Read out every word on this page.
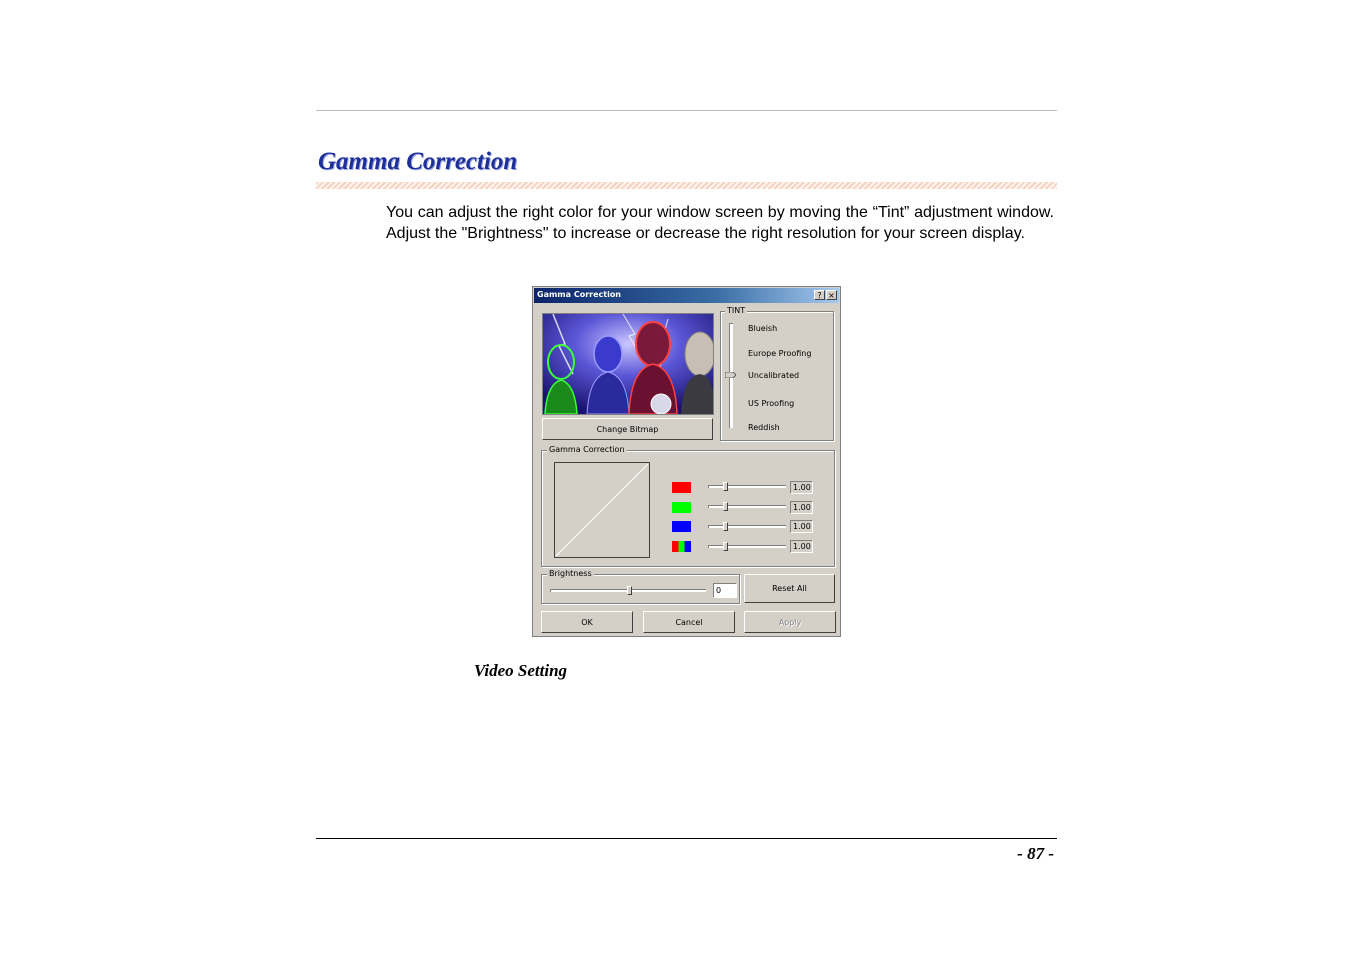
Gamma Correction

You can adjust the right color for your window screen by moving the “Tint” adjustment window. Adjust the "Brightness" to increase or decrease the right resolution for your screen display.

Gamma Correction	? ×
Change Bitmap
TINT
Blueish
Europe Proofing
Uncalibrated
US Proofing
Reddish
Gamma Correction
1.00
1.00
1.00
1.00
Brightness
0	Reset All
OK	Cancel	Apply
Video Setting
- 87 -
